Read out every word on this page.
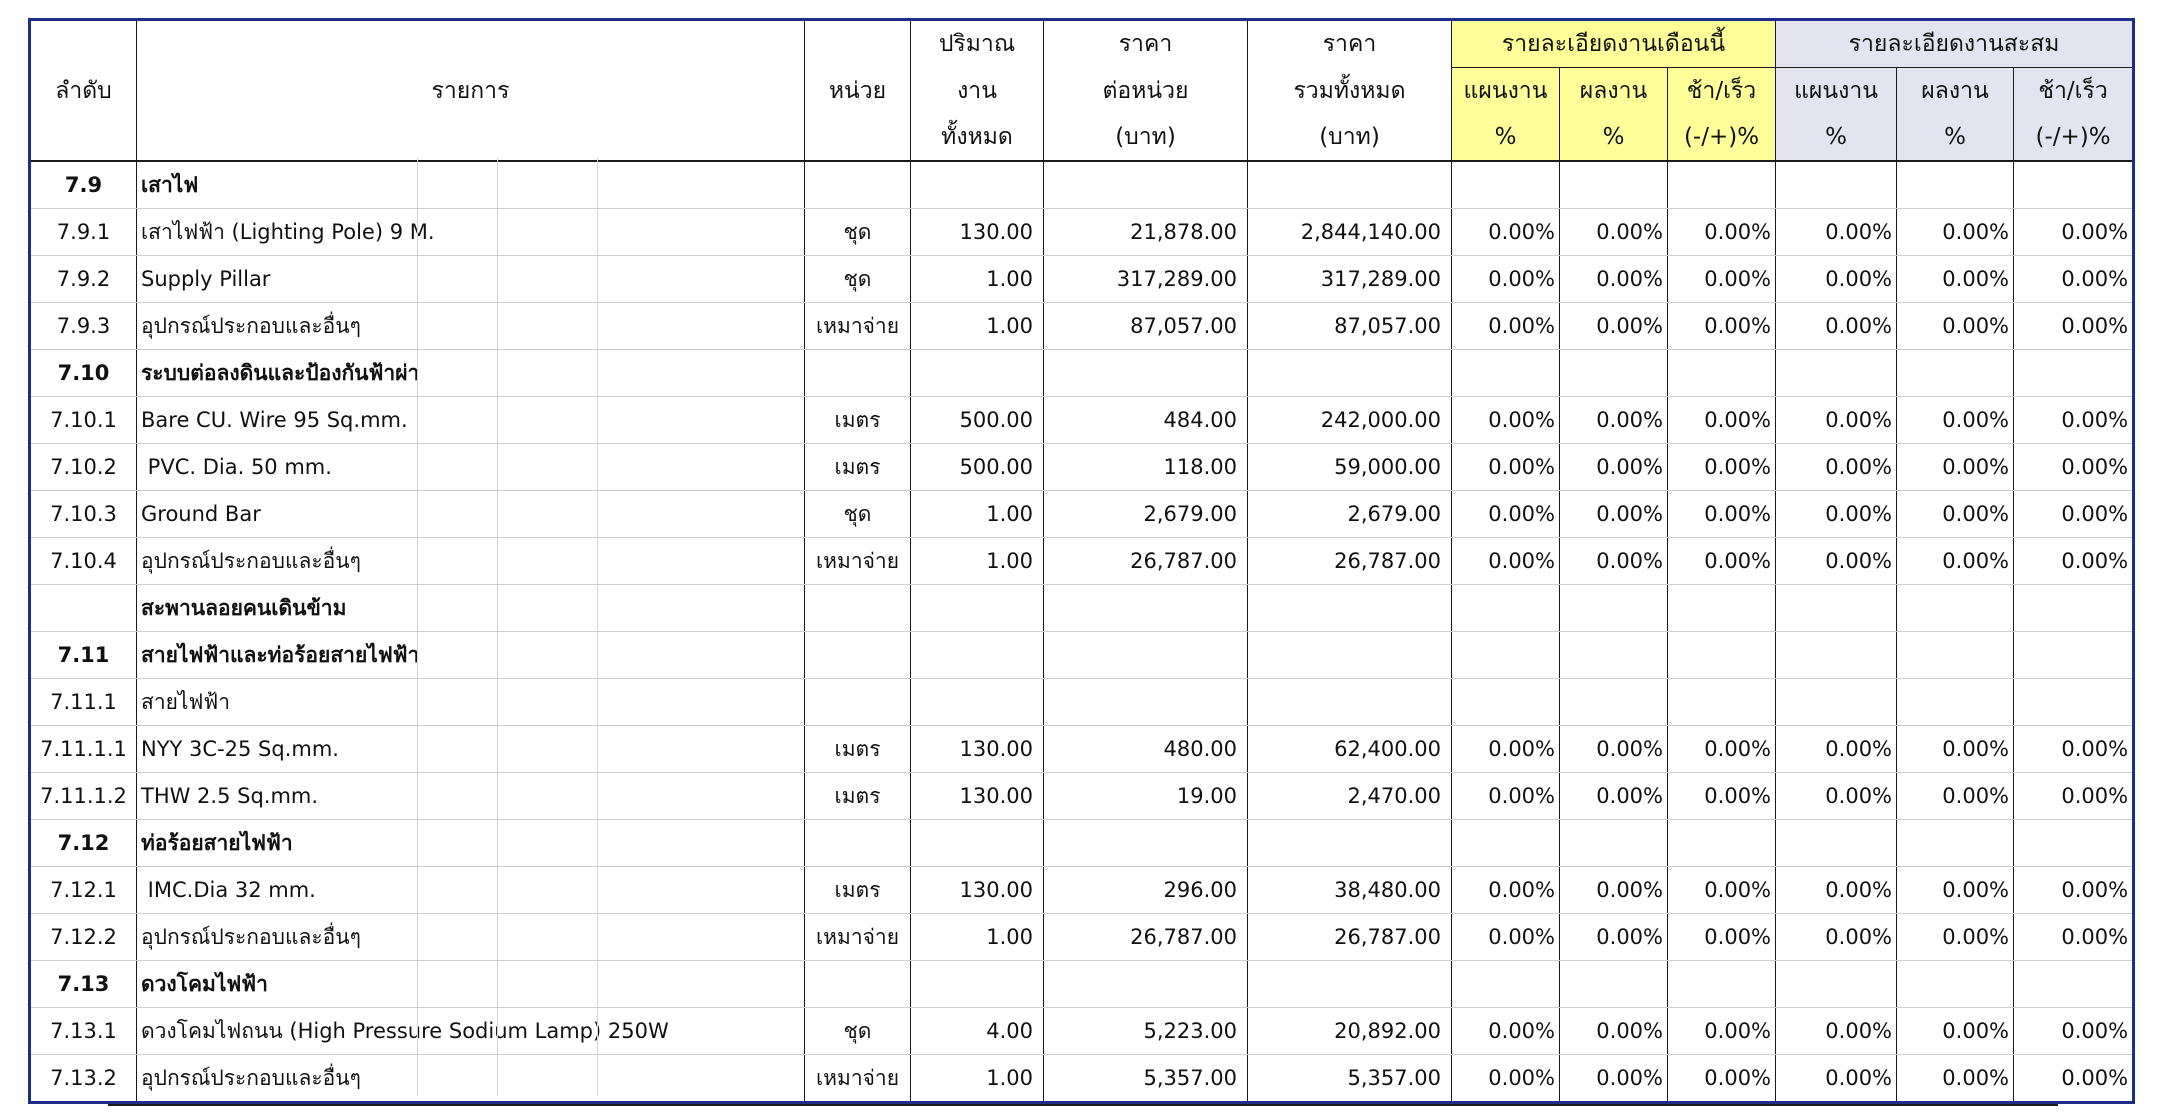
ลำดับ	รายการ	หน่วย	ปริมาณ	ราคา	ราคา	รายละเอียดงานเดือนนี้			รายละเอียดงานสะสม		
			งาน	ต่อหน่วย	รวมทั้งหมด	แผนงาน	ผลงาน	ช้า/เร็ว	แผนงาน	ผลงาน	ช้า/เร็ว
			ทั้งหมด	(บาท)	(บาท)	%	%	(-/+)%	%	%	(-/+)%
7.9	เสาไฟ										
7.9.1	เสาไฟฟ้า (Lighting Pole) 9 M.	ชุด	130.00	21,878.00	2,844,140.00	0.00%	0.00%	0.00%	0.00%	0.00%	0.00%
7.9.2	Supply Pillar	ชุด	1.00	317,289.00	317,289.00	0.00%	0.00%	0.00%	0.00%	0.00%	0.00%
7.9.3	อุปกรณ์ประกอบและอื่นๆ	เหมาจ่าย	1.00	87,057.00	87,057.00	0.00%	0.00%	0.00%	0.00%	0.00%	0.00%
7.10	ระบบต่อลงดินและป้องกันฟ้าผ่า										
7.10.1	Bare CU. Wire 95 Sq.mm.	เมตร	500.00	484.00	242,000.00	0.00%	0.00%	0.00%	0.00%	0.00%	0.00%
7.10.2	PVC. Dia. 50 mm.	เมตร	500.00	118.00	59,000.00	0.00%	0.00%	0.00%	0.00%	0.00%	0.00%
7.10.3	Ground Bar	ชุด	1.00	2,679.00	2,679.00	0.00%	0.00%	0.00%	0.00%	0.00%	0.00%
7.10.4	อุปกรณ์ประกอบและอื่นๆ	เหมาจ่าย	1.00	26,787.00	26,787.00	0.00%	0.00%	0.00%	0.00%	0.00%	0.00%
	สะพานลอยคนเดินข้าม										
7.11	สายไฟฟ้าและท่อร้อยสายไฟฟ้า										
7.11.1	สายไฟฟ้า										
7.11.1.1	NYY 3C-25 Sq.mm.	เมตร	130.00	480.00	62,400.00	0.00%	0.00%	0.00%	0.00%	0.00%	0.00%
7.11.1.2	THW 2.5 Sq.mm.	เมตร	130.00	19.00	2,470.00	0.00%	0.00%	0.00%	0.00%	0.00%	0.00%
7.12	ท่อร้อยสายไฟฟ้า										
7.12.1	IMC.Dia 32 mm.	เมตร	130.00	296.00	38,480.00	0.00%	0.00%	0.00%	0.00%	0.00%	0.00%
7.12.2	อุปกรณ์ประกอบและอื่นๆ	เหมาจ่าย	1.00	26,787.00	26,787.00	0.00%	0.00%	0.00%	0.00%	0.00%	0.00%
7.13	ดวงโคมไฟฟ้า										
7.13.1	ดวงโคมไฟถนน (High Pressure Sodium Lamp) 250W	ชุด	4.00	5,223.00	20,892.00	0.00%	0.00%	0.00%	0.00%	0.00%	0.00%
7.13.2	อุปกรณ์ประกอบและอื่นๆ	เหมาจ่าย	1.00	5,357.00	5,357.00	0.00%	0.00%	0.00%	0.00%	0.00%	0.00%
